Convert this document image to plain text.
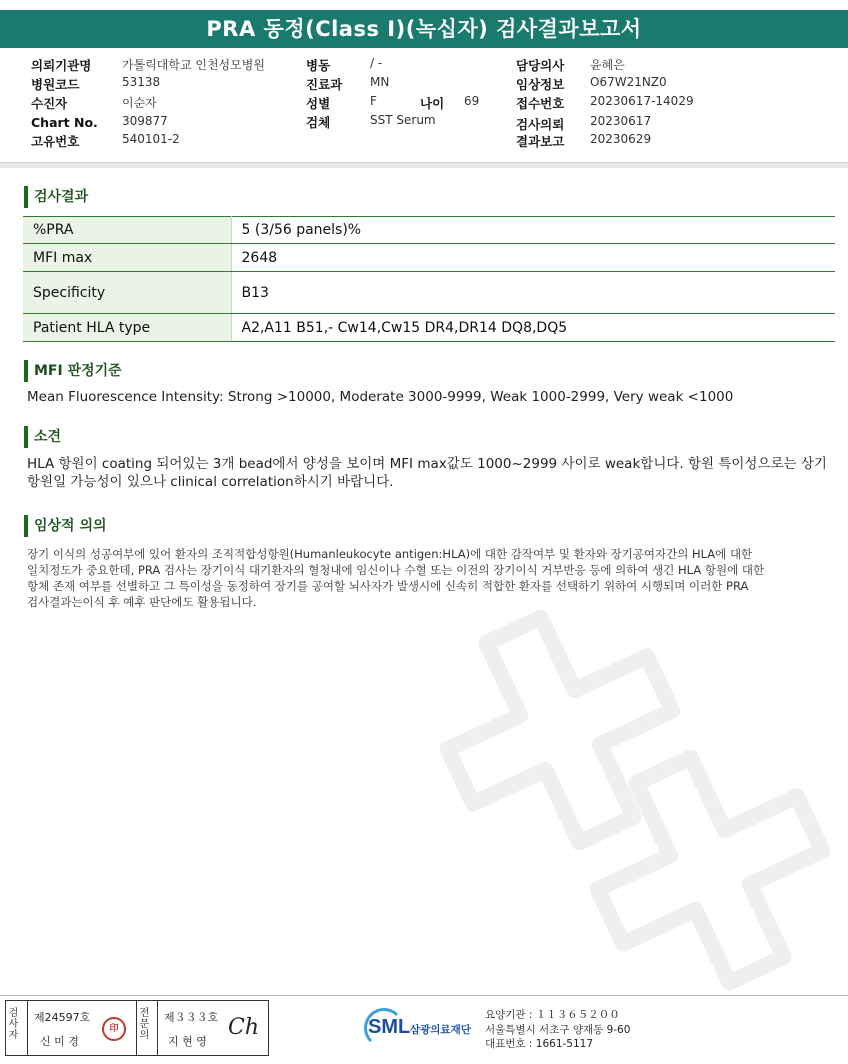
PRA 동정(Class I)(녹십자) 검사결과보고서
의뢰기관명	가톨릭대학교 인천성모병원
병원코드	53138
수진자	이순자
Chart No. 309877
고유번호	540101-2
병동	/ -
진료과 MN
성별	F	나이 69
검체	SST Serum
담당의사 윤혜은
임상정보 O67W21NZ0
접수번호 20230617-14029
검사의뢰 20230617
결과보고 20230629
검사결과
%PRA	5 (3/56 panels)%
MFI max	2648
Specificity	B13
Patient HLA type	A2,A11 B51,- Cw14,Cw15 DR4,DR14 DQ8,DQ5
MFI 판정기준
Mean Fluorescence Intensity: Strong >10000, Moderate 3000-9999, Weak 1000-2999, Very weak <1000
소견
HLA 항원이 coating 되어있는 3개 bead에서 양성을 보이며 MFI max값도 1000~2999 사이로 weak합니다. 항원 특이성으로는 상기
항원일 가능성이 있으나 clinical correlation하시기 바랍니다.
임상적 의의
장기 이식의 성공여부에 있어 환자의 조직적합성항원(Humanleukocyte antigen:HLA)에 대한 감작여부 및 환자와 장기공여자간의 HLA에 대한
일치정도가 중요한데, PRA 검사는 장기이식 대기환자의 혈청내에 임신이나 수혈 또는 이전의 장기이식 거부반응 등에 의하여 생긴 HLA 항원에 대한
항체 존재 여부를 선별하고 그 특이성을 동정하여 장기를 공여할 뇌사자가 발생시에 신속히 적합한 환자를 선택하기 위하여 시행되며 이러한 PRA
검사결과는이식 후 예후 판단에도 활용됩니다.
검사자 제24597호
신 미 경
印	전문의 제３３３호
지 현 영
Ch	SML 삼광의료재단
요양기관 : １１３６５２００
서울특별시 서초구 양재동 9-60
대표번호 : 1661-5117
